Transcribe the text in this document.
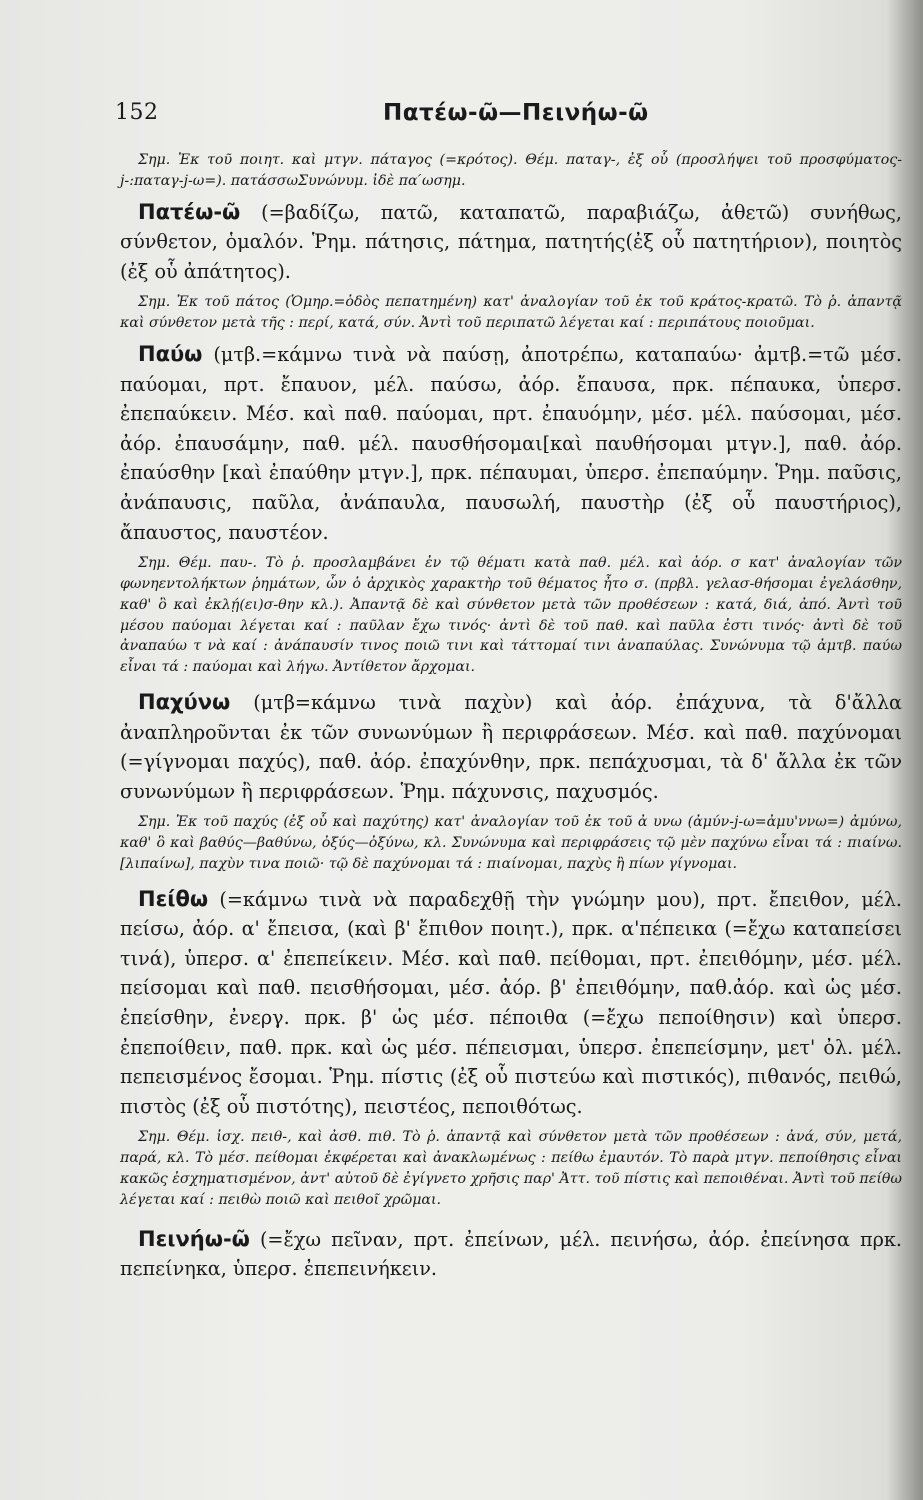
152	Πατέω-ῶ—Πεινήω-ῶ

Σημ. Ἐκ τοῦ ποιητ. καὶ μτγν. πάταγος (=κρότος). Θέμ. παταγ-, ἐξ οὗ (προσλήψει τοῦ προσφύματος-j-:παταγ-j-ω=). πατάσσωΣυνώνυμ. ἰδὲ πα ́ωσημ.

Πατέω-ῶ (=βαδίζω, πατῶ, καταπατῶ, παραβιάζω, ἀθετῶ) συνήθως, σύνθετον, ὁμαλόν. Ῥημ. πάτησις, πάτημα, πατητής(ἐξ οὗ πατητήριον), ποιητὸς (ἐξ οὗ ἀπάτητος).

Σημ. Ἐκ τοῦ πάτος (Ὁμηρ.=ὁδὸς πεπατημένη) κατ' ἀναλογίαν τοῦ ἐκ τοῦ κράτος-κρατῶ. Τὸ ῥ. ἀπαντᾷ καὶ σύνθετον μετὰ τῆς : περί, κατά, σύν. Ἀντὶ τοῦ περιπατῶ λέγεται καί : περιπάτους ποιοῦμαι.

Παύω (μτβ.=κάμνω τινὰ νὰ παύσῃ, ἀποτρέπω, καταπαύω· ἀμτβ.=τῶ μέσ. παύομαι, πρτ. ἔπαυον, μέλ. παύσω, ἀόρ. ἔπαυσα, πρκ. πέπαυκα, ὑπερσ. ἐπεπαύκειν. Μέσ. καὶ παθ. παύομαι, πρτ. ἐπαυόμην, μέσ. μέλ. παύσομαι, μέσ. ἀόρ. ἐπαυσάμην, παθ. μέλ. παυσθήσομαι[καὶ παυθήσομαι μτγν.], παθ. ἀόρ. ἐπαύσθην [καὶ ἐπαύθην μτγν.], πρκ. πέπαυμαι, ὑπερσ. ἐπεπαύμην. Ῥημ. παῦσις, ἀνάπαυσις, παῦλα, ἀνάπαυλα, παυσωλή, παυστὴρ (ἐξ οὗ παυστήριος), ἄπαυστος, παυστέον.

Σημ. Θέμ. παυ-. Τὸ ῥ. προσλαμβάνει ἐν τῷ θέματι κατὰ παθ. μέλ. καὶ ἀόρ. σ κατ' ἀναλογίαν τῶν φωνηεντολήκτων ῥημάτων, ὧν ὁ ἀρχικὸς χαρακτὴρ τοῦ θέματος ἦτο σ. (πρβλ. γελασ-θήσομαι ἐγελάσθην, καθ' ὃ καὶ ἐκλῄ(ει)σ-θην κλ.). Ἀπαντᾷ δὲ καὶ σύνθετον μετὰ τῶν προθέσεων : κατά, διά, ἀπό. Ἀντὶ τοῦ μέσου παύομαι λέγεται καί : παῦλαν ἔχω τινός· ἀντὶ δὲ τοῦ παθ. καὶ παῦλα ἐστι τινός· ἀντὶ δὲ τοῦ ἀναπαύω τ νὰ καί : ἀνάπαυσίν τινος ποιῶ τινι καὶ τάττομαί τινι ἀναπαύλας. Συνώνυμα τῷ ἀμτβ. παύω εἶναι τά : παύομαι καὶ λήγω. Ἀντίθετον ἄρχομαι.

Παχύνω (μτβ=κάμνω τινὰ παχὺν) καὶ ἀόρ. ἐπάχυνα, τὰ δ'ἄλλα ἀναπληροῦνται ἐκ τῶν συνωνύμων ἢ περιφράσεων. Μέσ. καὶ παθ. παχύνομαι (=γίγνομαι παχύς), παθ. ἀόρ. ἐπαχύνθην, πρκ. πεπάχυσμαι, τὰ δ' ἄλλα ἐκ τῶν συνωνύμων ἢ περιφράσεων. Ῥημ. πάχυνσις, παχυσμός.

Σημ. Ἐκ τοῦ παχύς (ἐξ οὗ καὶ παχύτης) κατ' ἀναλογίαν τοῦ ἐκ τοῦ ἀ υνω (ἀμύν-j-ω=ἀμυ'ννω=) ἀμύνω, καθ' ὃ καὶ βαθύς—βαθύνω, ὀξύς—ὀξύνω, κλ. Συνώνυμα καὶ περιφράσεις τῷ μὲν παχύνω εἶναι τά : πιαίνω. [λιπαίνω], παχὺν τινα ποιῶ· τῷ δὲ παχύνομαι τά : πιαίνομαι, παχὺς ἢ πίων γίγνομαι.

Πείθω (=κάμνω τινὰ νὰ παραδεχθῇ τὴν γνώμην μου), πρτ. ἔπειθον, μέλ. πείσω, ἀόρ. α' ἔπεισα, (καὶ β' ἔπιθον ποιητ.), πρκ. α'πέπεικα (=ἔχω καταπείσει τινά), ὑπερσ. α' ἐπεπείκειν. Μέσ. καὶ παθ. πείθομαι, πρτ. ἐπειθόμην, μέσ. μέλ. πείσομαι καὶ παθ. πεισθήσομαι, μέσ. ἀόρ. β' ἐπειθόμην, παθ.ἀόρ. καὶ ὡς μέσ. ἐπείσθην, ἐνεργ. πρκ. β' ὡς μέσ. πέποιθα (=ἔχω πεποίθησιν) καὶ ὑπερσ. ἐπεποίθειν, παθ. πρκ. καὶ ὡς μέσ. πέπεισμαι, ὑπερσ. ἐπεπείσμην, μετ' ὀλ. μέλ. πεπεισμένος ἔσομαι. Ῥημ. πίστις (ἐξ οὗ πιστεύω καὶ πιστικός), πιθανός, πειθώ, πιστὸς (ἐξ οὗ πιστότης), πειστέος, πεποιθότως.

Σημ. Θέμ. ἰσχ. πειθ-, καὶ ἀσθ. πιθ. Τὸ ῥ. ἀπαντᾷ καὶ σύνθετον μετὰ τῶν προθέσεων : ἀνά, σύν, μετά, παρά, κλ. Τὸ μέσ. πείθομαι ἐκφέρεται καὶ ἀνακλωμένως : πείθω ἐμαυτόν. Τὸ παρὰ μτγν. πεποίθησις εἶναι κακῶς ἐσχηματισμένον, ἀντ' αὐτοῦ δὲ ἐγίγνετο χρῆσις παρ' Ἀττ. τοῦ πίστις καὶ πεποιθέναι. Ἀντὶ τοῦ πείθω λέγεται καί : πειθὼ ποιῶ καὶ πειθοῖ χρῶμαι.

Πεινήω-ῶ (=ἔχω πεῖναν, πρτ. ἐπείνων, μέλ. πεινήσω, ἀόρ. ἐπείνησα πρκ. πεπείνηκα, ὑπερσ. ἐπεπεινήκειν.
